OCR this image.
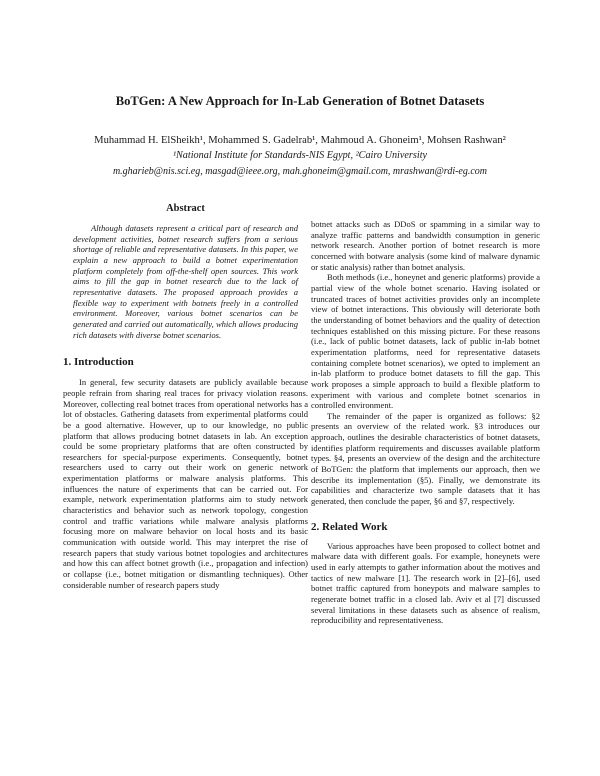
BoTGen: A New Approach for In-Lab Generation of Botnet Datasets
Muhammad H. ElSheikh¹, Mohammed S. Gadelrab¹, Mahmoud A. Ghoneim¹, Mohsen Rashwan²
¹National Institute for Standards-NIS Egypt, ²Cairo University
m.gharieb@nis.sci.eg, masgad@ieee.org, mah.ghoneim@gmail.com, mrashwan@rdi-eg.com
Abstract

Although datasets represent a critical part of research and development activities, botnet research suffers from a serious shortage of reliable and representative datasets. In this paper, we explain a new approach to build a botnet experimentation platform completely from off-the-shelf open sources. This work aims to fill the gap in botnet research due to the lack of representative datasets. The proposed approach provides a flexible way to experiment with botnets freely in a controlled environment. Moreover, various botnet scenarios can be generated and carried out automatically, which allows producing rich datasets with diverse botnet scenarios.

1. Introduction

In general, few security datasets are publicly available because people refrain from sharing real traces for privacy violation reasons. Moreover, collecting real botnet traces from operational networks has a lot of obstacles. Gathering datasets from experimental platforms could be a good alternative. However, up to our knowledge, no public platform that allows producing botnet datasets in lab. An exception could be some proprietary platforms that are often constructed by researchers for special-purpose experiments. Consequently, botnet researchers used to carry out their work on generic network experimentation platforms or malware analysis platforms. This influences the nature of experiments that can be carried out. For example, network experimentation platforms aim to study network characteristics and behavior such as network topology, congestion control and traffic variations while malware analysis platforms focusing more on malware behavior on local hosts and its basic communication with outside world. This may interpret the rise of research papers that study various botnet topologies and architectures and how this can affect botnet growth (i.e., propagation and infection) or collapse (i.e., botnet mitigation or dismantling techniques). Other considerable number of research papers study

botnet attacks such as DDoS or spamming in a similar way to analyze traffic patterns and bandwidth consumption in generic network research. Another portion of botnet research is more concerned with botware analysis (some kind of malware dynamic or static analysis) rather than botnet analysis.

Both methods (i.e., honeynet and generic platforms) provide a partial view of the whole botnet scenario. Having isolated or truncated traces of botnet activities provides only an incomplete view of botnet interactions. This obviously will deteriorate both the understanding of botnet behaviors and the quality of detection techniques established on this missing picture. For these reasons (i.e., lack of public botnet datasets, lack of public in-lab botnet experimentation platforms, need for representative datasets containing complete botnet scenarios), we opted to implement an in-lab platform to produce botnet datasets to fill the gap. This work proposes a simple approach to build a flexible platform to experiment with various and complete botnet scenarios in controlled environment.

The remainder of the paper is organized as follows: §2 presents an overview of the related work. §3 introduces our approach, outlines the desirable characteristics of botnet datasets, identifies platform requirements and discusses available platform types. §4, presents an overview of the design and the architecture of BoTGen: the platform that implements our approach, then we describe its implementation (§5). Finally, we demonstrate its capabilities and characterize two sample datasets that it has generated, then conclude the paper, §6 and §7, respectively.

2. Related Work

Various approaches have been proposed to collect botnet and malware data with different goals. For example, honeynets were used in early attempts to gather information about the motives and tactics of new malware [1]. The research work in [2]–[6], used botnet traffic captured from honeypots and malware samples to regenerate botnet traffic in a closed lab. Aviv et al [7] discussed several limitations in these datasets such as absence of realism, reproducibility and representativeness.
